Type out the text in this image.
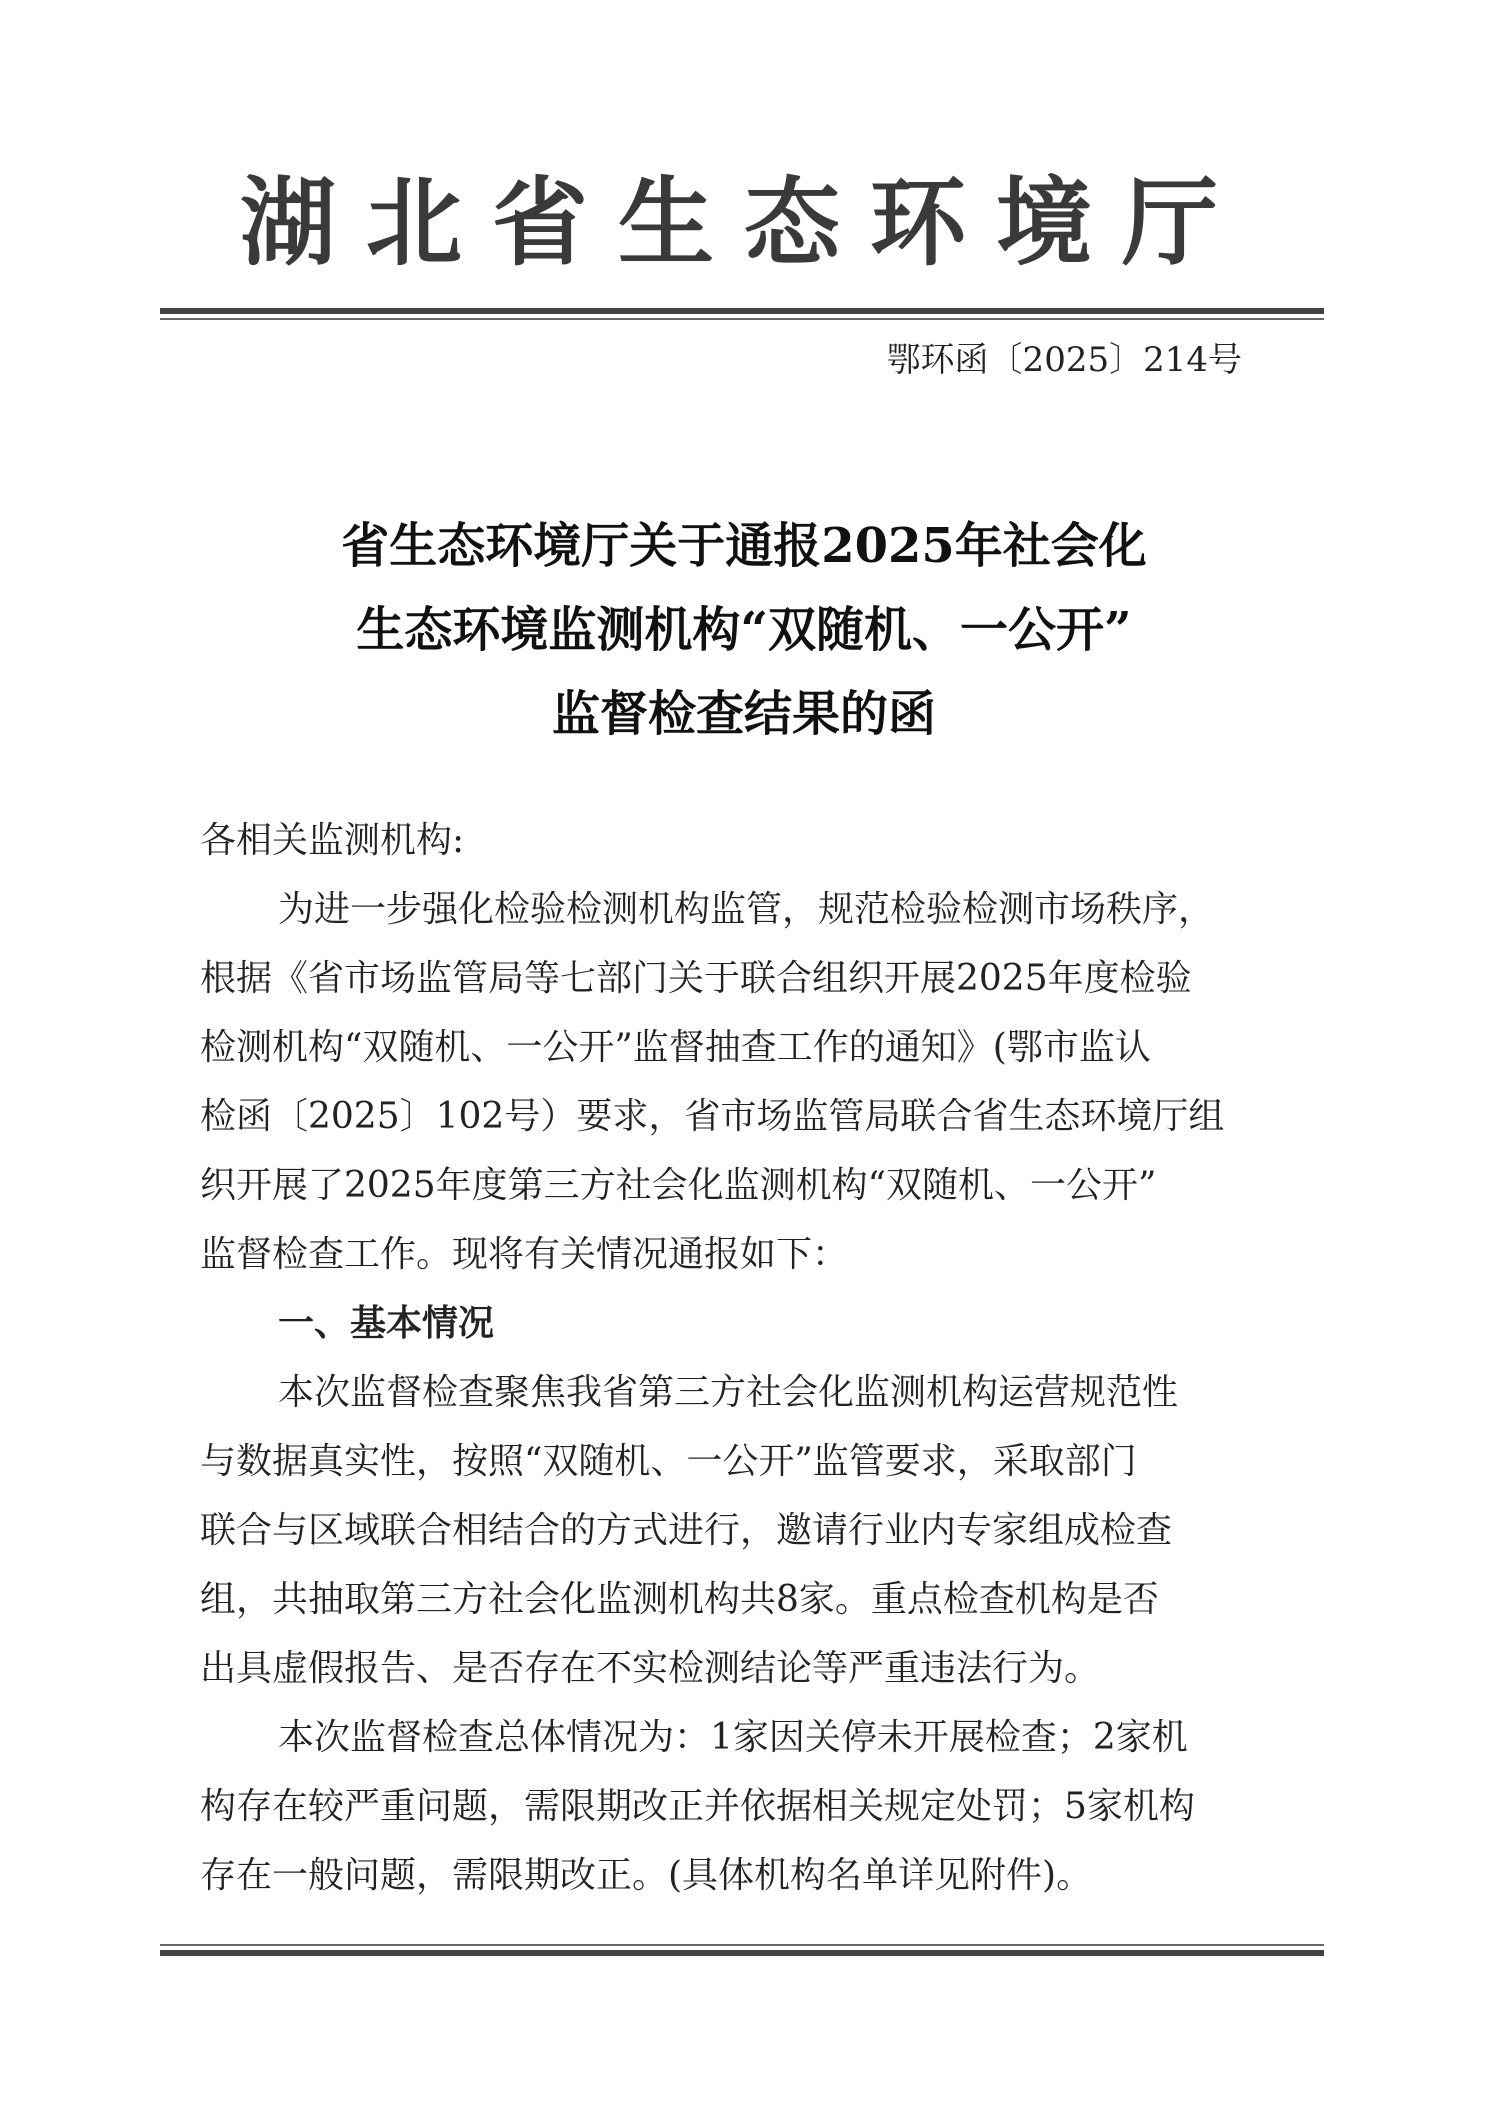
湖北省生态环境厅
鄂环函〔2025〕214号
省生态环境厅关于通报2025年社会化
生态环境监测机构“双随机、一公开”
监督检查结果的函

各相关监测机构:

为进一步强化检验检测机构监管，规范检验检测市场秩序，

根据《省市场监管局等七部门关于联合组织开展2025年度检验

检测机构“双随机、一公开”监督抽查工作的通知》(鄂市监认

检函〔2025〕102号）要求，省市场监管局联合省生态环境厅组

织开展了2025年度第三方社会化监测机构“双随机、一公开”

监督检查工作。现将有关情况通报如下：

一、基本情况

本次监督检查聚焦我省第三方社会化监测机构运营规范性

与数据真实性，按照“双随机、一公开”监管要求，采取部门

联合与区域联合相结合的方式进行，邀请行业内专家组成检查

组，共抽取第三方社会化监测机构共8家。重点检查机构是否

出具虚假报告、是否存在不实检测结论等严重违法行为。

本次监督检查总体情况为：1家因关停未开展检查；2家机

构存在较严重问题，需限期改正并依据相关规定处罚；5家机构

存在一般问题，需限期改正。(具体机构名单详见附件)。
